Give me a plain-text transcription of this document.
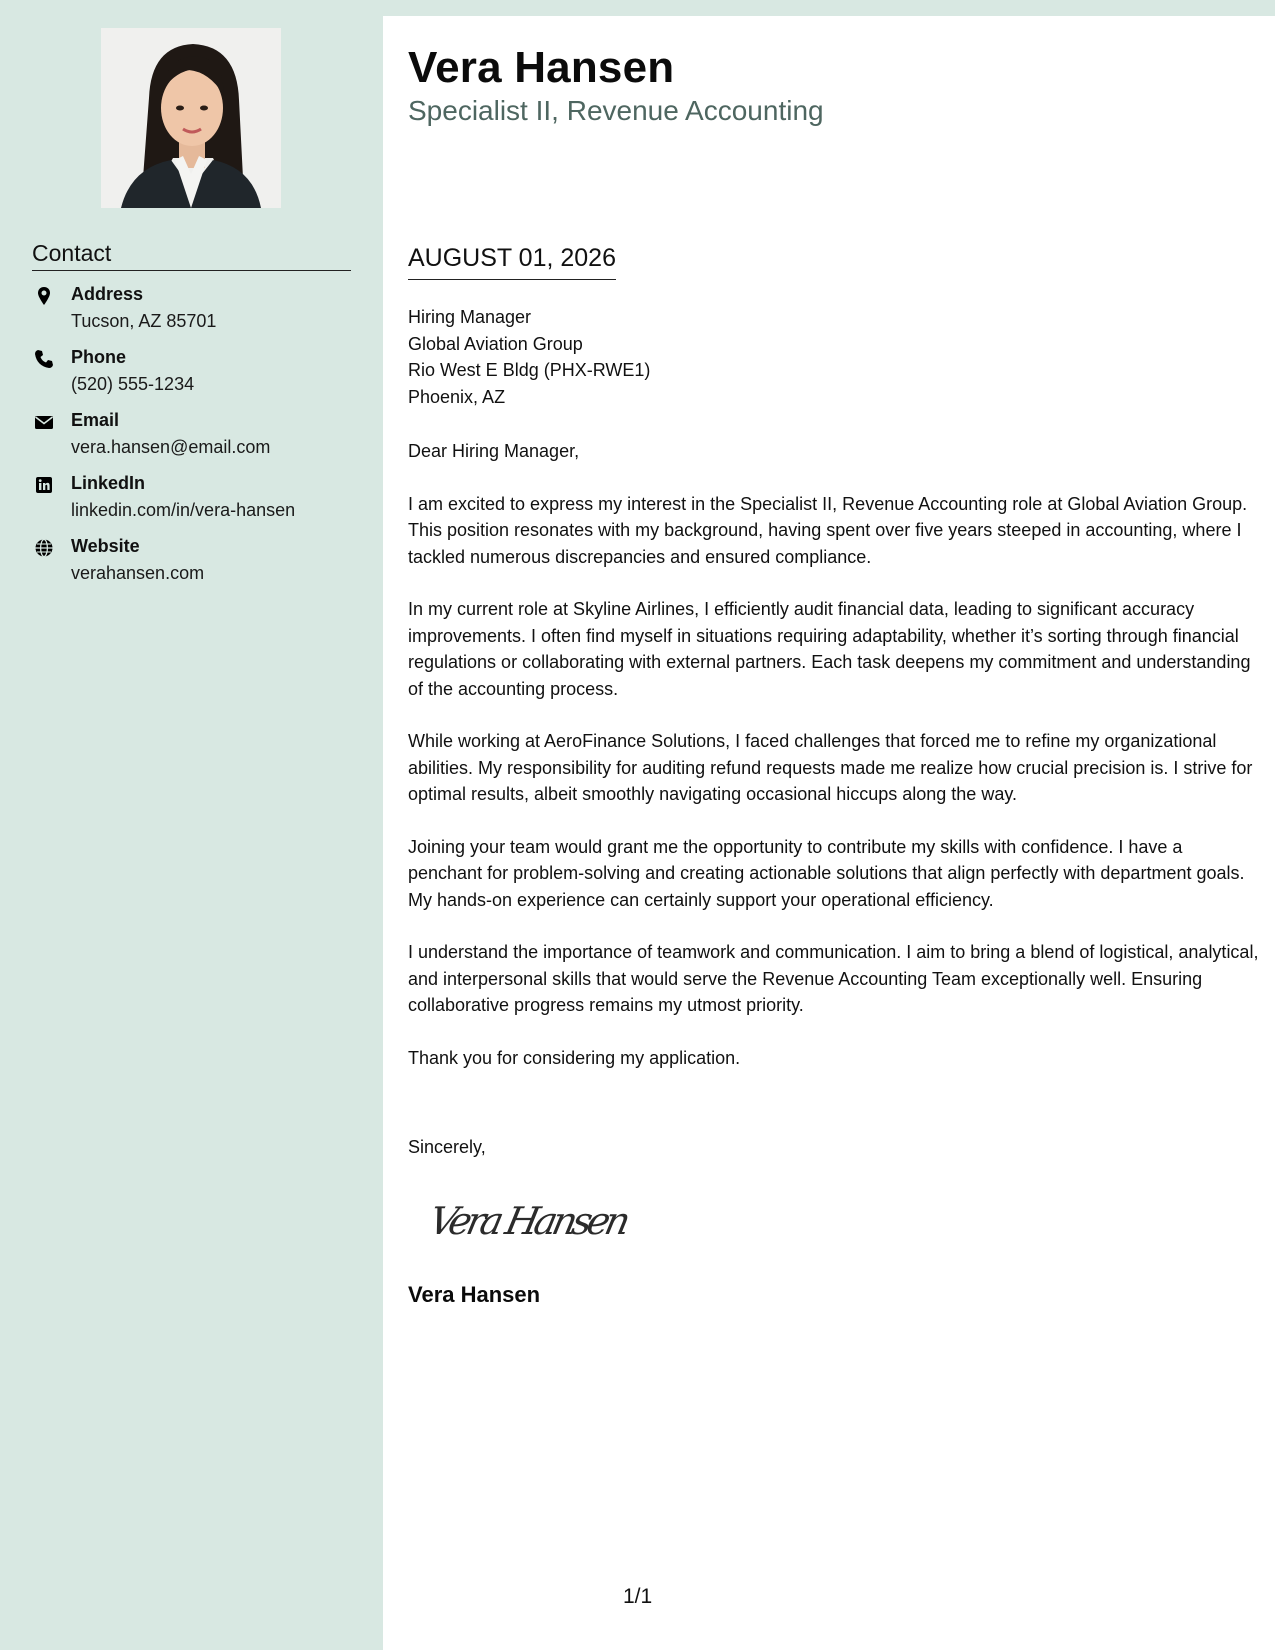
Contact
Address
Tucson, AZ 85701
Phone
(520) 555-1234
Email
vera.hansen@email.com
LinkedIn
linkedin.com/in/vera-hansen
Website
verahansen.com
Vera Hansen
Specialist II, Revenue Accounting
AUGUST 01, 2026
Hiring Manager
Global Aviation Group
Rio West E Bldg (PHX-RWE1)
Phoenix, AZ

Dear Hiring Manager,

I am excited to express my interest in the Specialist II, Revenue Accounting role at Global Aviation Group. This position resonates with my background, having spent over five years steeped in accounting, where I tackled numerous discrepancies and ensured compliance.

In my current role at Skyline Airlines, I efficiently audit financial data, leading to significant accuracy improvements. I often find myself in situations requiring adaptability, whether it’s sorting through financial regulations or collaborating with external partners. Each task deepens my commitment and understanding of the accounting process.

While working at AeroFinance Solutions, I faced challenges that forced me to refine my organizational abilities. My responsibility for auditing refund requests made me realize how crucial precision is. I strive for optimal results, albeit smoothly navigating occasional hiccups along the way.

Joining your team would grant me the opportunity to contribute my skills with confidence. I have a penchant for problem-solving and creating actionable solutions that align perfectly with department goals. My hands-on experience can certainly support your operational efficiency.

I understand the importance of teamwork and communication. I aim to bring a blend of logistical, analytical, and interpersonal skills that would serve the Revenue Accounting Team exceptionally well. Ensuring collaborative progress remains my utmost priority.

Thank you for considering my application.

Sincerely,
Vera Hansen
Vera Hansen
1/1
